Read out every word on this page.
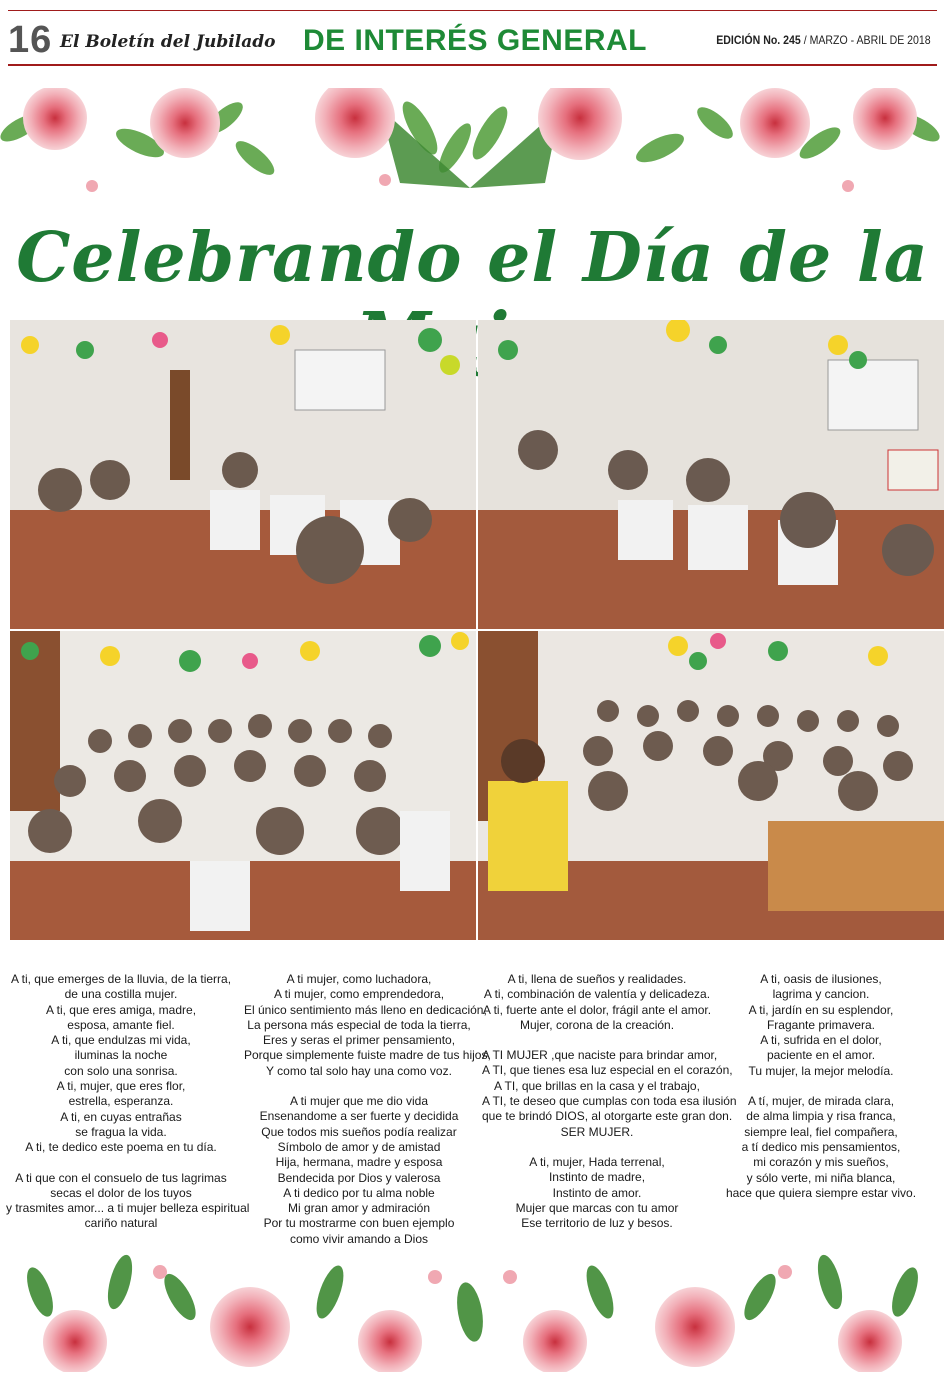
16 El Boletín del Jubilado DE INTERÉS GENERAL	EDICIÓN No. 245 / MARZO - ABRIL DE 2018
Celebrando el Día de la
A ti, que emerges de la lluvia, de la tierra,
de una costilla mujer.
A ti, que eres amiga, madre,
esposa, amante fiel.
A ti, que endulzas mi vida,
iluminas la noche
con solo una sonrisa.
A ti, mujer, que eres flor,
estrella, esperanza.
A ti, en cuyas entrañas
se fragua la vida.
A ti, te dedico este poema en tu día.
A ti que con el consuelo de tus lagrimas
secas el dolor de los tuyos
y trasmites amor... a ti mujer belleza espiritual
cariño natural
A ti mujer, como luchadora,
A ti mujer, como emprendedora,
El único sentimiento más lleno en dedicación,
La persona más especial de toda la tierra,
Eres y seras el primer pensamiento,
Porque simplemente fuiste madre de tus hijos,
Y como tal solo hay una como voz.
A ti mujer que me dio vida
Ensenandome a ser fuerte y decidida
Que todos mis sueños podía realizar
Símbolo de amor y de amistad
Hija, hermana, madre y esposa
Bendecida por Dios y valerosa
A ti dedico por tu alma noble
Mi gran amor y admiración
Por tu mostrarme con buen ejemplo
como vivir amando a Dios
A ti, llena de sueños y realidades.
A ti, combinación de valentía y delicadeza.
A ti, fuerte ante el dolor, frágil ante el amor.
Mujer, corona de la creación.
A TI MUJER ,que naciste para brindar amor,
A TI, que tienes esa luz especial en el corazón,
A TI, que brillas en la casa y el trabajo,
A TI, te deseo que cumplas con toda esa ilusión
que te brindó DIOS, al otorgarte este gran don.
SER MUJER.
A ti, mujer, Hada terrenal,
Instinto de madre,
Instinto de amor.
Mujer que marcas con tu amor
Ese territorio de luz y besos.
A ti, oasis de ilusiones,
lagrima y cancion.
A ti, jardín en su esplendor,
Fragante primavera.
A ti, sufrida en el dolor,
paciente en el amor.
Tu mujer, la mejor melodía.
A tí, mujer, de mirada clara,
de alma limpia y risa franca,
siempre leal, fiel compañera,
a tí dedico mis pensamientos,
mi corazón y mis sueños,
y sólo verte, mi niña blanca,
hace que quiera siempre estar vivo.
